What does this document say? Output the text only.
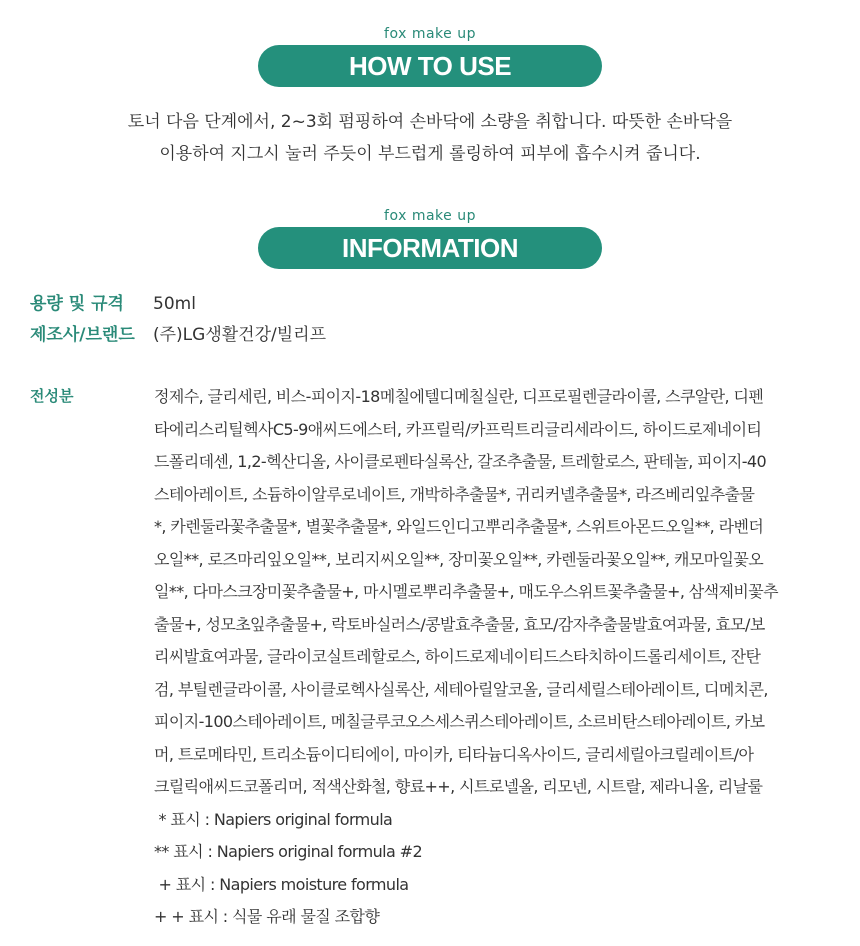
fox make up
HOW TO USE
토너 다음 단계에서, 2~3회 펌핑하여 손바닥에 소량을 취합니다. 따뜻한 손바닥을
이용하여 지그시 눌러 주듯이 부드럽게 롤링하여 피부에 흡수시켜 줍니다.
fox make up
INFORMATION
용량 및 규격 50ml
제조사/브랜드 (주)LG생활건강/빌리프
전성분	정제수, 글리세린, 비스-피이지-18메칠에텔디메칠실란, 디프로필렌글라이콜, 스쿠알란, 디펜
타에리스리틸헥사C5-9애씨드에스터, 카프릴릭/카프릭트리글리세라이드, 하이드로제네이티
드폴리데센, 1,2-헥산디올, 사이클로펜타실록산, 갈조추출물, 트레할로스, 판테놀, 피이지-40
스테아레이트, 소듐하이알루로네이트, 개박하추출물*, 귀리커넬추출물*, 라즈베리잎추출물
*, 카렌둘라꽃추출물*, 별꽃추출물*, 와일드인디고뿌리추출물*, 스위트아몬드오일**, 라벤더
오일**, 로즈마리잎오일**, 보리지씨오일**, 장미꽃오일**, 카렌둘라꽃오일**, 캐모마일꽃오
일**, 다마스크장미꽃추출물+, 마시멜로뿌리추출물+, 매도우스위트꽃추출물+, 삼색제비꽃추
출물+, 성모초잎추출물+, 락토바실러스/콩발효추출물, 효모/감자추출물발효여과물, 효모/보
리씨발효여과물, 글라이코실트레할로스, 하이드로제네이티드스타치하이드롤리세이트, 잔탄
검, 부틸렌글라이콜, 사이클로헥사실록산, 세테아릴알코올, 글리세릴스테아레이트, 디메치콘,
피이지-100스테아레이트, 메칠글루코오스세스퀴스테아레이트, 소르비탄스테아레이트, 카보
머, 트로메타민, 트리소듐이디티에이, 마이카, 티타늄디옥사이드, 글리세릴아크릴레이트/아
크릴릭애씨드코폴리머, 적색산화철, 향료++, 시트로넬올, 리모넨, 시트랄, 제라니올, 리날룰
* 표시 : Napiers original formula
** 표시 : Napiers original formula #2
+ 표시 : Napiers moisture formula
+ + 표시 : 식물 유래 물질 조합향
